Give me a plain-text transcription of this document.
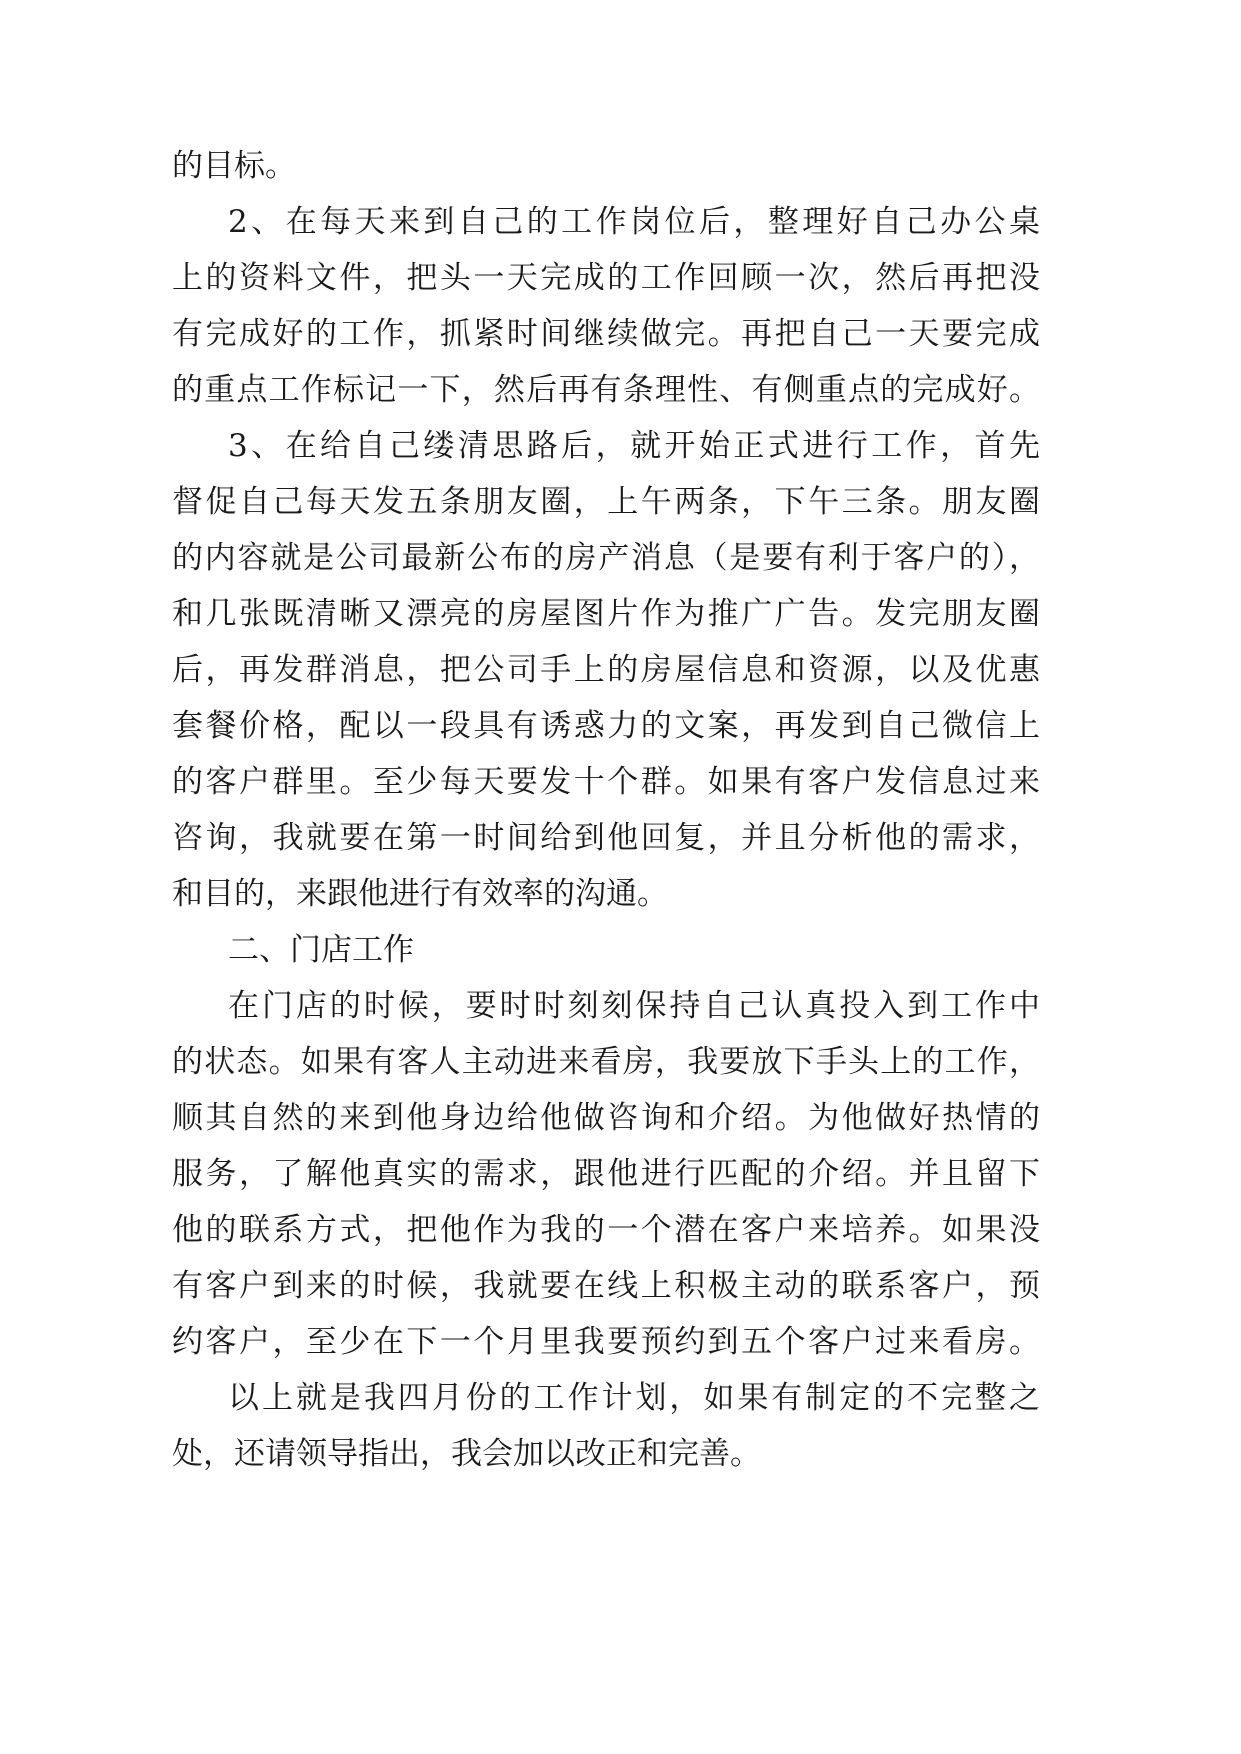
的目标。
2、在每天来到自己的工作岗位后，整理好自己办公桌
上的资料文件，把头一天完成的工作回顾一次，然后再把没
有完成好的工作，抓紧时间继续做完。再把自己一天要完成
的重点工作标记一下，然后再有条理性、有侧重点的完成好。
3、在给自己缕清思路后，就开始正式进行工作，首先
督促自己每天发五条朋友圈，上午两条，下午三条。朋友圈
的内容就是公司最新公布的房产消息（是要有利于客户的），
和几张既清晰又漂亮的房屋图片作为推广广告。发完朋友圈
后，再发群消息，把公司手上的房屋信息和资源，以及优惠
套餐价格，配以一段具有诱惑力的文案，再发到自己微信上
的客户群里。至少每天要发十个群。如果有客户发信息过来
咨询，我就要在第一时间给到他回复，并且分析他的需求，
和目的，来跟他进行有效率的沟通。
二、门店工作
在门店的时候，要时时刻刻保持自己认真投入到工作中
的状态。如果有客人主动进来看房，我要放下手头上的工作，
顺其自然的来到他身边给他做咨询和介绍。为他做好热情的
服务，了解他真实的需求，跟他进行匹配的介绍。并且留下
他的联系方式，把他作为我的一个潜在客户来培养。如果没
有客户到来的时候，我就要在线上积极主动的联系客户，预
约客户，至少在下一个月里我要预约到五个客户过来看房。
以上就是我四月份的工作计划，如果有制定的不完整之
处，还请领导指出，我会加以改正和完善。
